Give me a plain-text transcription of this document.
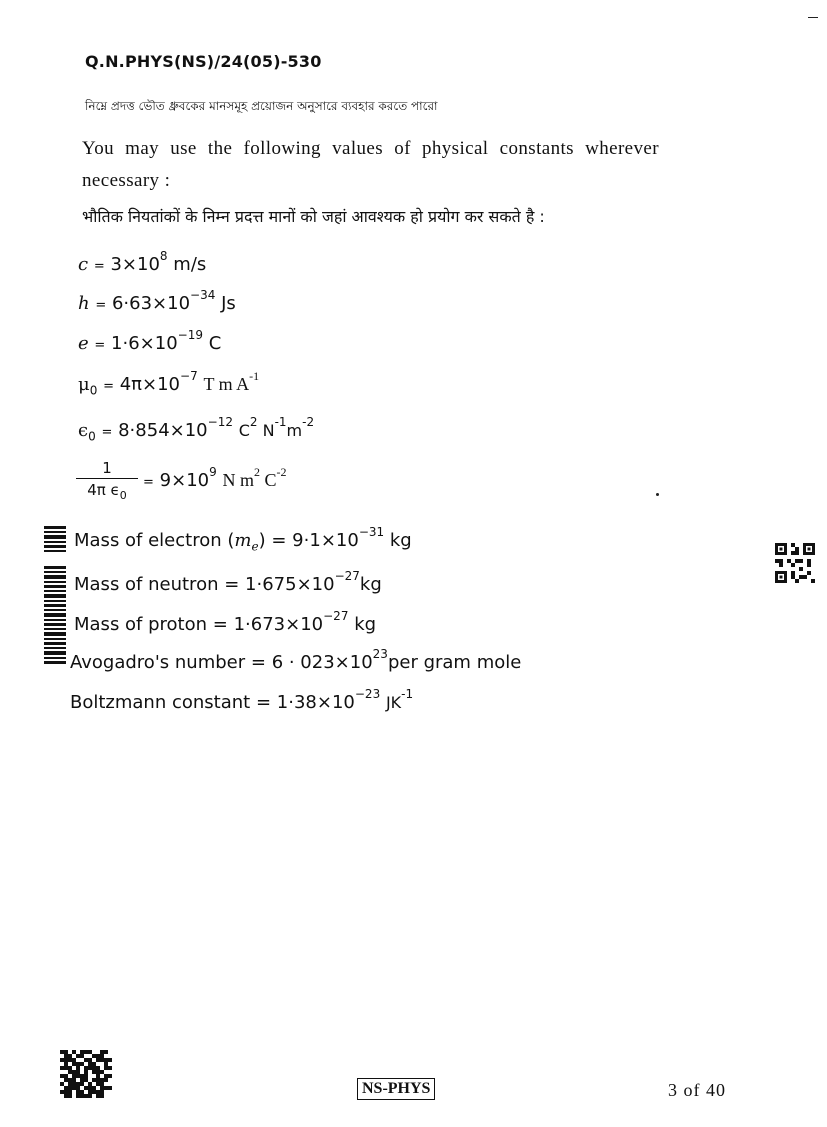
Q.N.PHYS(NS)/24(05)-530
নিম্নে প্রদত্ত ভৌত ধ্রুবকের মানসমূহ প্রয়োজন অনুসারে ব্যবহার করতে পারো
You may use the following values of physical constants wherever
necessary :
भौतिक नियतांकों के निम्न प्रदत्त मानों को जहां आवश्यक हो प्रयोग कर सकते है :
$c = 3\times 10^8$ m/s
$h = 6\cdot 63\times 10^{-34}$ Js
$e = 1\cdot 6\times 10^{-19}$ C
$\mu_0 = 4\pi\times 10^{-7}$ T m $A^{-1}$
$\epsilon_0 = 8\cdot 854\times 10^{-12}$ $C^2$ $N^{-1}m^{-2}$
$\frac{1}{4\pi \epsilon_0} = 9\times 10^9$ N $m^2$ $C^{-2}$
Mass of electron $(m_e) = 9\cdot 1\times 10^{-31}$ kg
Mass of neutron = $1\cdot 675\times 10^{-27}kg$
Mass of proton = $1\cdot 673\times 10^{-27}$ kg
Avogadro's number = $6 \cdot 023\times 10^{23}per$ gram mole
Boltzmann constant = $1\cdot 38\times 10^{-23}$ $JK^{-1}$
NS-PHYS	3 of 40
